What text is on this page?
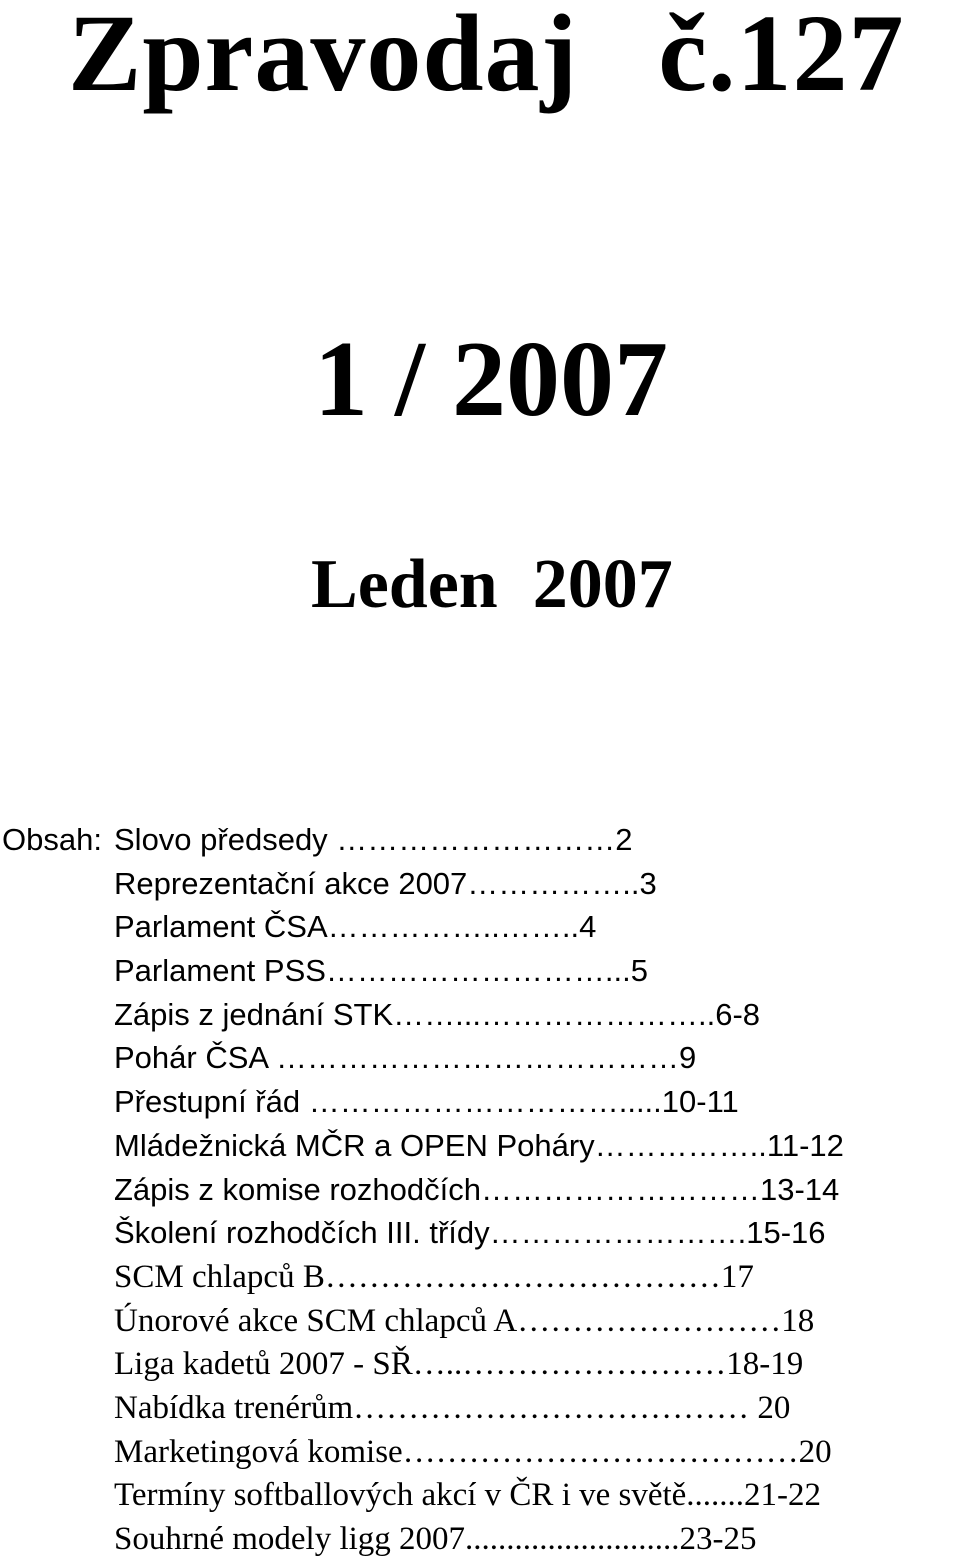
Zpravodaj č.127
1 / 2007
Leden  2007
Obsah: Slovo předsedy ………………………2
Reprezentační akce 2007……………..3
Parlament ČSA……………..……..4
Parlament PSS………………………...5
Zápis z jednání STK……...…………………..6-8
Pohár ČSA …………………………………9
Přestupní řád ………………………….....10-11
Mládežnická MČR a OPEN Poháry……………..11-12
Zápis z komise rozhodčích………………………13-14
Školení rozhodčích III. třídy…………………….15-16
SCM chlapců B………………………………17
Únorové akce SCM chlapců A……………………18
Liga kadetů 2007 - SŘ…..……………………18-19
Nabídka trenérům……………………………… 20
Marketingová komise………………………………20
Termíny softballových akcí v ČR i ve světě.......21-22
Souhrné modely ligg 2007..........................23-25
